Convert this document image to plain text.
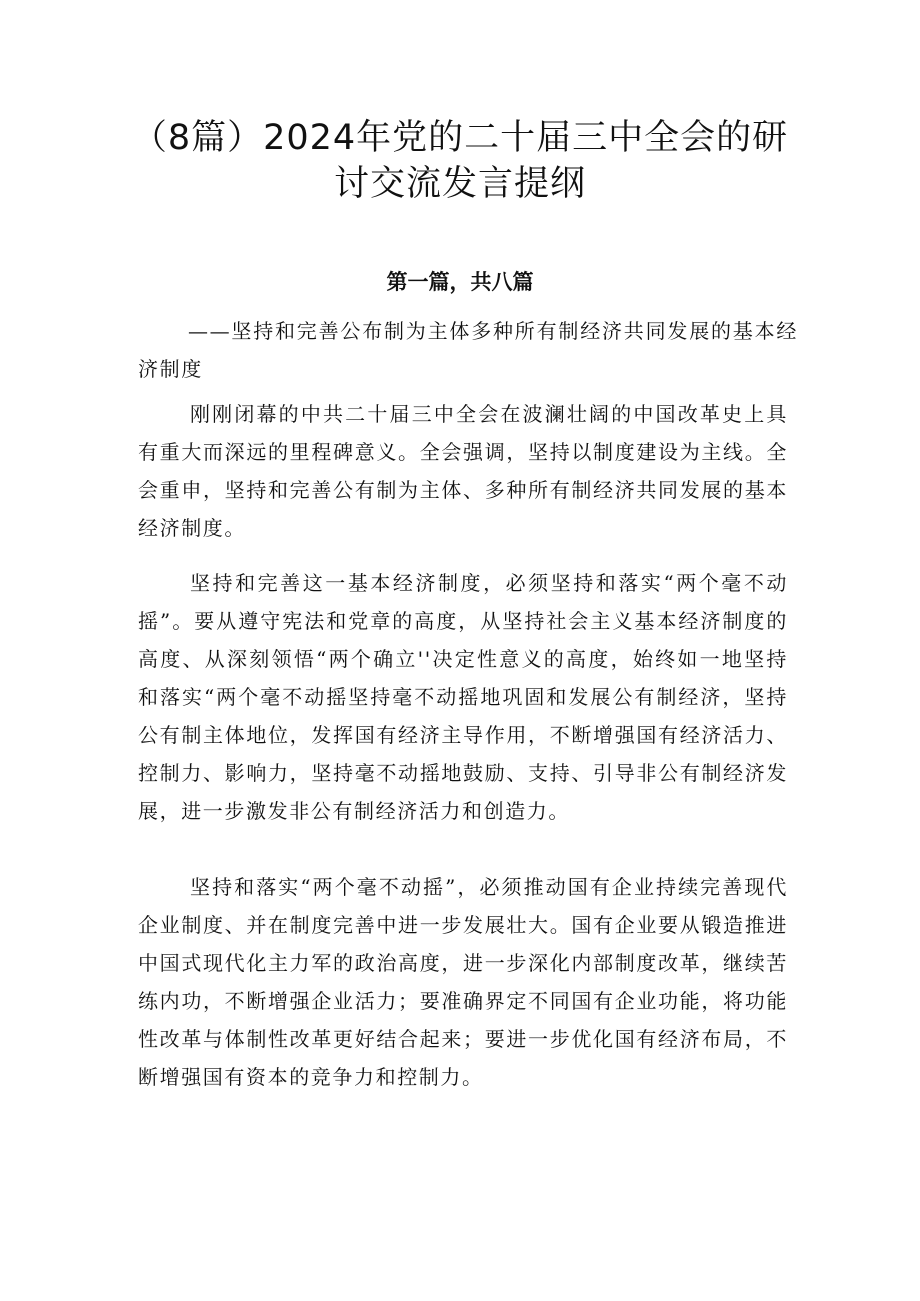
（8篇）2024年党的二十届三中全会的研
讨交流发言提纲
第一篇，共八篇

——坚持和完善公布制为主体多种所有制经济共同发展的基本经济制度

刚刚闭幕的中共二十届三中全会在波澜壮阔的中国改革史上具有重大而深远的里程碑意义。全会强调，坚持以制度建设为主线。全会重申，坚持和完善公有制为主体、多种所有制经济共同发展的基本经济制度。

坚持和完善这一基本经济制度，必须坚持和落实“两个毫不动摇”。要从遵守宪法和党章的高度，从坚持社会主义基本经济制度的高度、从深刻领悟“两个确立''决定性意义的高度，始终如一地坚持和落实“两个毫不动摇坚持毫不动摇地巩固和发展公有制经济，坚持公有制主体地位，发挥国有经济主导作用，不断增强国有经济活力、控制力、影响力，坚持毫不动摇地鼓励、支持、引导非公有制经济发展，进一步激发非公有制经济活力和创造力。

坚持和落实“两个毫不动摇”，必须推动国有企业持续完善现代企业制度、并在制度完善中进一步发展壮大。国有企业要从锻造推进中国式现代化主力军的政治高度，进一步深化内部制度改革，继续苦练内功，不断增强企业活力；要准确界定不同国有企业功能，将功能性改革与体制性改革更好结合起来；要进一步优化国有经济布局，不断增强国有资本的竞争力和控制力。
